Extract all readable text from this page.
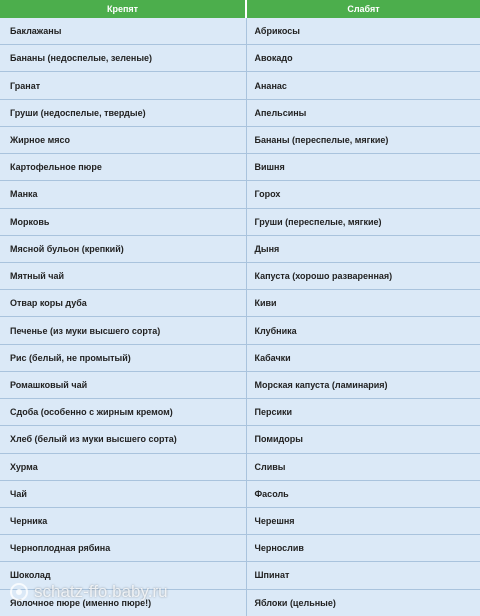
Крепят	Слабят
Баклажаны	Абрикосы
Бананы (недоспелые, зеленые)	Авокадо
Гранат	Ананас
Груши (недоспелые, твердые)	Апельсины
Жирное мясо	Бананы (переспелые, мягкие)
Картофельное пюре	Вишня
Манка	Горох
Морковь	Груши (переспелые, мягкие)
Мясной бульон (крепкий)	Дыня
Мятный чай	Капуста (хорошо разваренная)
Отвар коры дуба	Киви
Печенье (из муки высшего сорта)	Клубника
Рис (белый, не промытый)	Кабачки
Ромашковый чай	Морская капуста (ламинария)
Сдоба (особенно с жирным кремом)	Персики
Хлеб (белый из муки высшего сорта)	Помидоры
Хурма	Сливы
Чай	Фасоль
Черника	Черешня
Черноплодная рябина	Чернослив
Шоколад	Шпинат
Яблочное пюре (именно пюре!)	Яблоки (цельные)
schatz-ffo.baby.ru
